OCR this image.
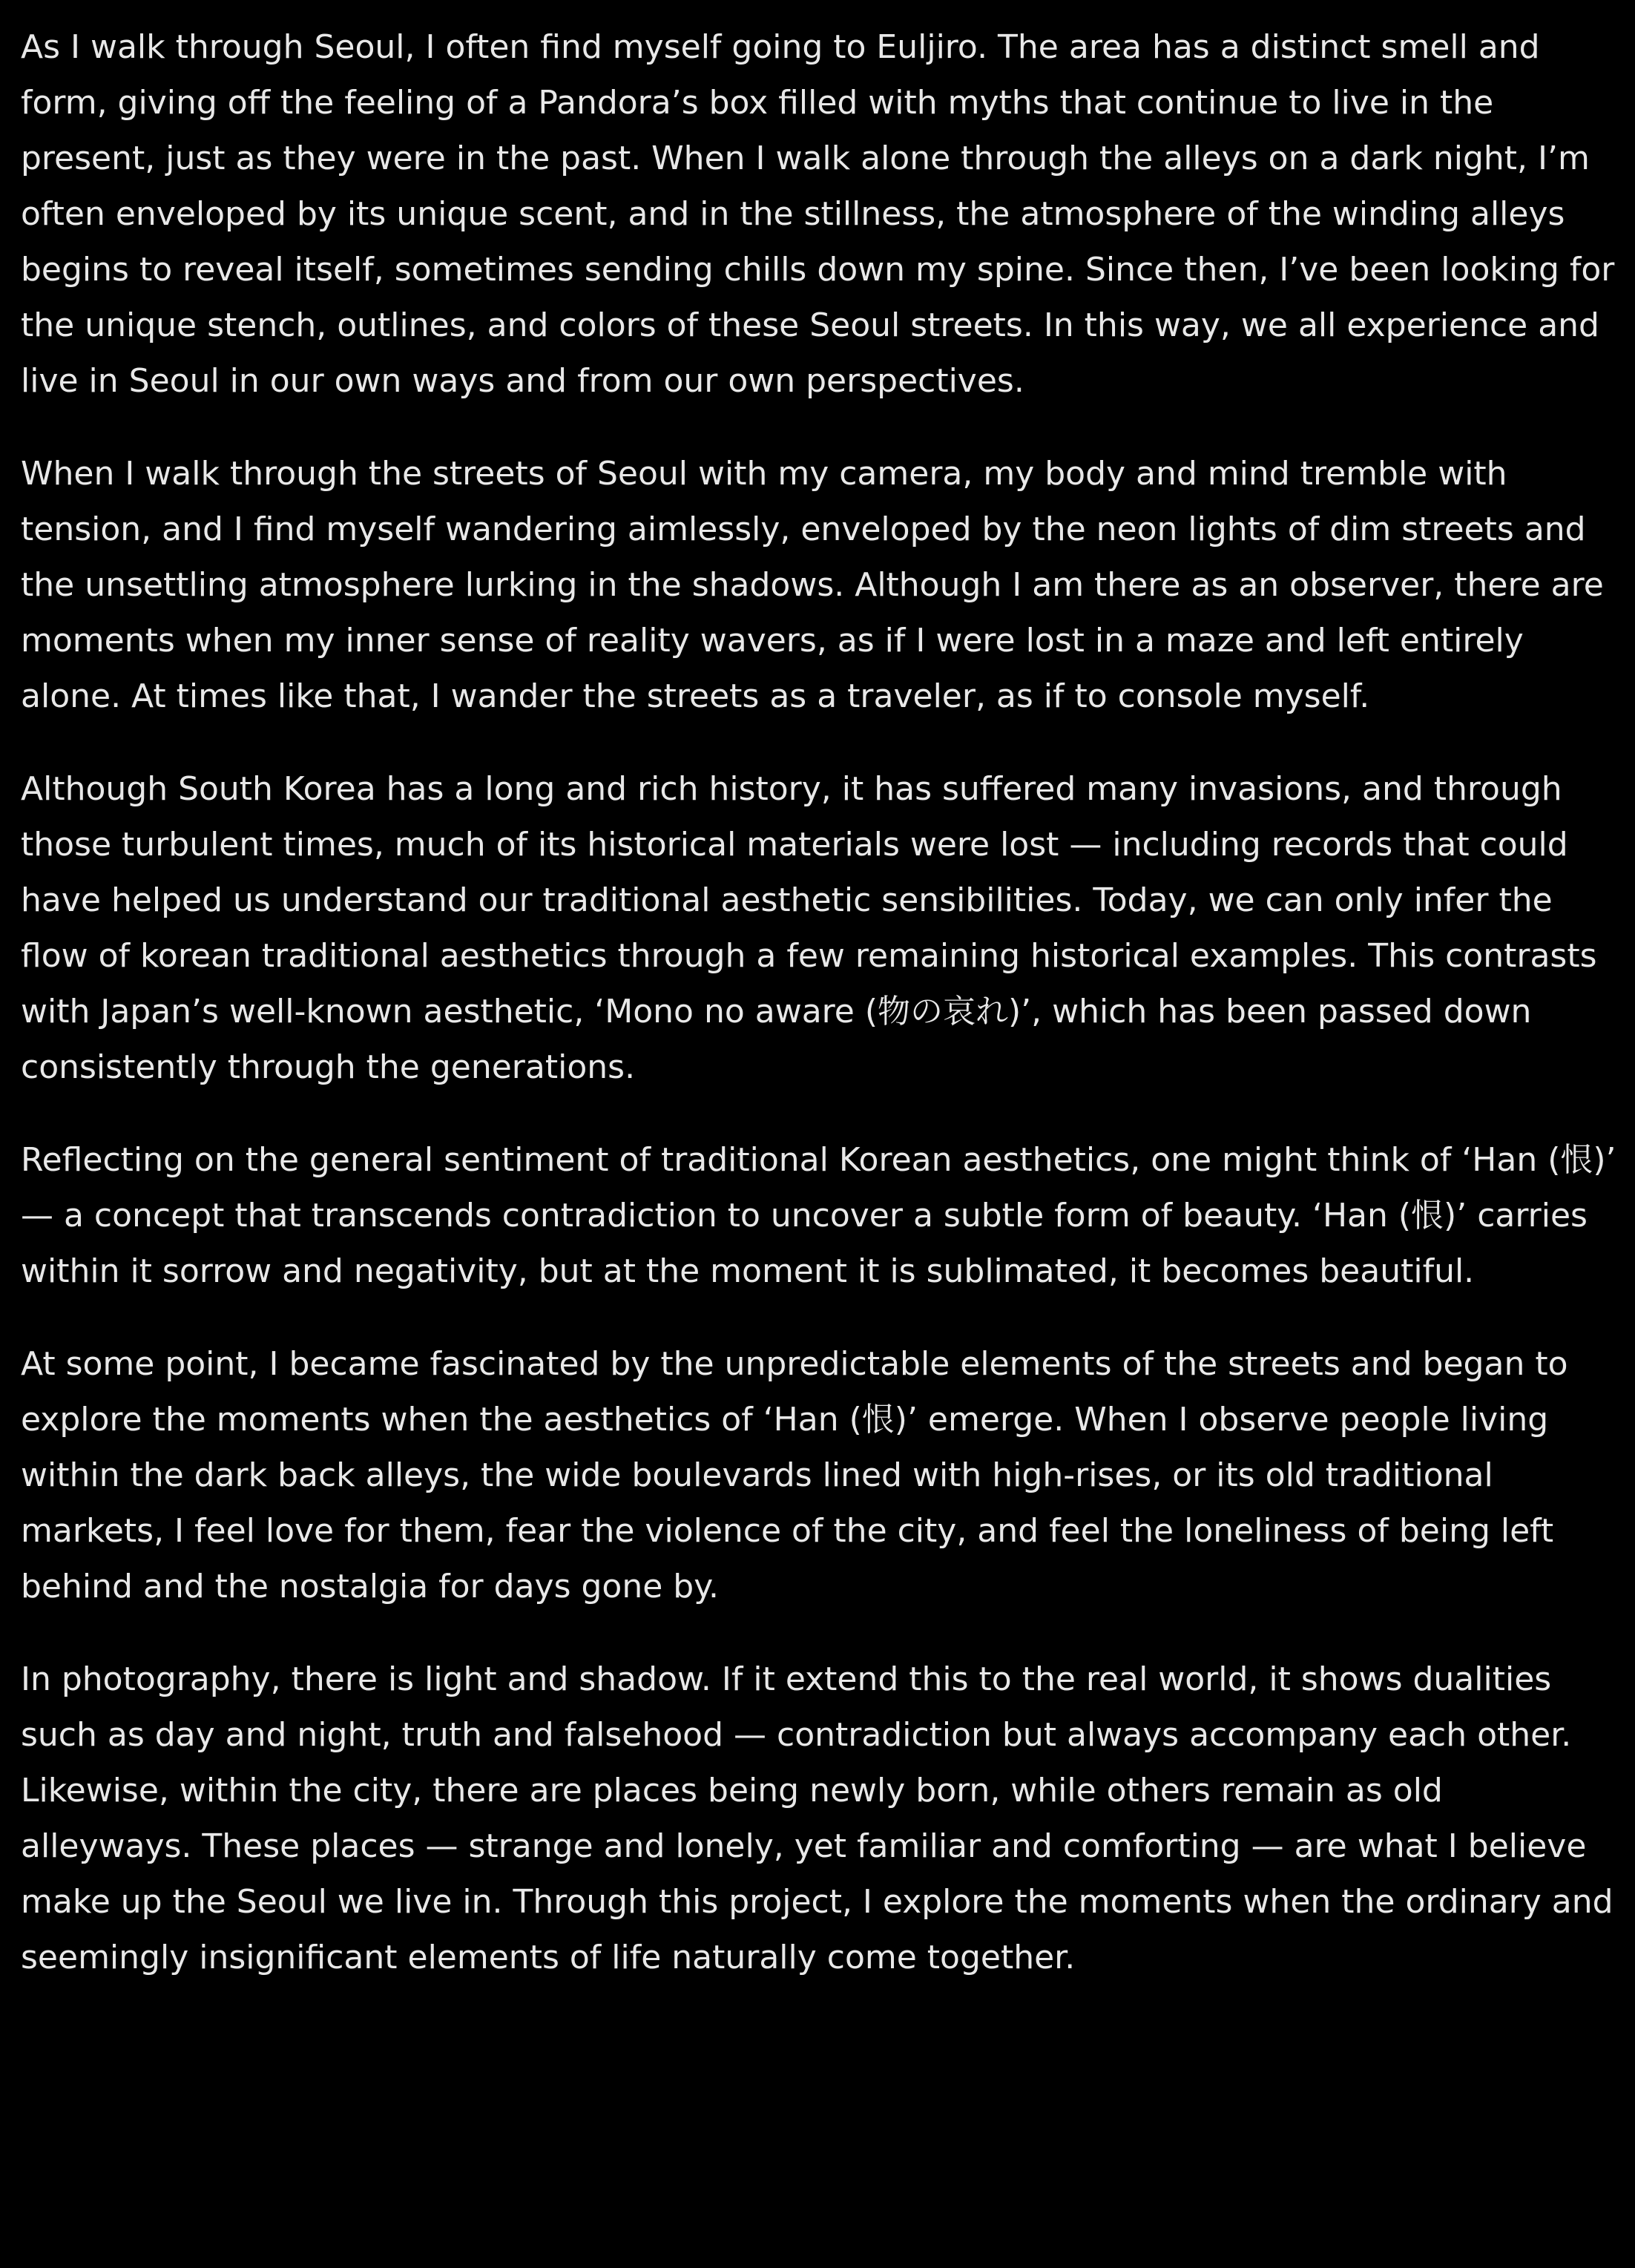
As I walk through Seoul, I often find myself going to Euljiro. The area has a distinct smell and form, giving off the feeling of a Pandora’s box filled with myths that continue to live in the present, just as they were in the past. When I walk alone through the alleys on a dark night, I’m often enveloped by its unique scent, and in the stillness, the atmosphere of the winding alleys begins to reveal itself, sometimes sending chills down my spine. Since then, I’ve been looking for the unique stench, outlines, and colors of these Seoul streets. In this way, we all experience and live in Seoul in our own ways and from our own perspectives.

When I walk through the streets of Seoul with my camera, my body and mind tremble with tension, and I find myself wandering aimlessly, enveloped by the neon lights of dim streets and the unsettling atmosphere lurking in the shadows. Although I am there as an observer, there are moments when my inner sense of reality wavers, as if I were lost in a maze and left entirely alone. At times like that, I wander the streets as a traveler, as if to console myself.

Although South Korea has a long and rich history, it has suffered many invasions, and through those turbulent times, much of its historical materials were lost — including records that could have helped us understand our traditional aesthetic sensibilities. Today, we can only infer the flow of korean traditional aesthetics through a few remaining historical examples. This contrasts with Japan’s well-known aesthetic, ‘Mono no aware (物の哀れ)’, which has been passed down consistently through the generations.

Reflecting on the general sentiment of traditional Korean aesthetics, one might think of ‘Han (恨)’ — a concept that transcends contradiction to uncover a subtle form of beauty. ‘Han (恨)’ carries within it sorrow and negativity, but at the moment it is sublimated, it becomes beautiful.

At some point, I became fascinated by the unpredictable elements of the streets and began to explore the moments when the aesthetics of ‘Han (恨)’ emerge. When I observe people living within the dark back alleys, the wide boulevards lined with high-rises, or its old traditional markets, I feel love for them, fear the violence of the city, and feel the loneliness of being left behind and the nostalgia for days gone by.

In photography, there is light and shadow. If it extend this to the real world, it shows dualities such as day and night, truth and falsehood — contradiction but always accompany each other. Likewise, within the city, there are places being newly born, while others remain as old alleyways. These places — strange and lonely, yet familiar and comforting — are what I believe make up the Seoul we live in. Through this project, I explore the moments when the ordinary and seemingly insignificant elements of life naturally come together.
